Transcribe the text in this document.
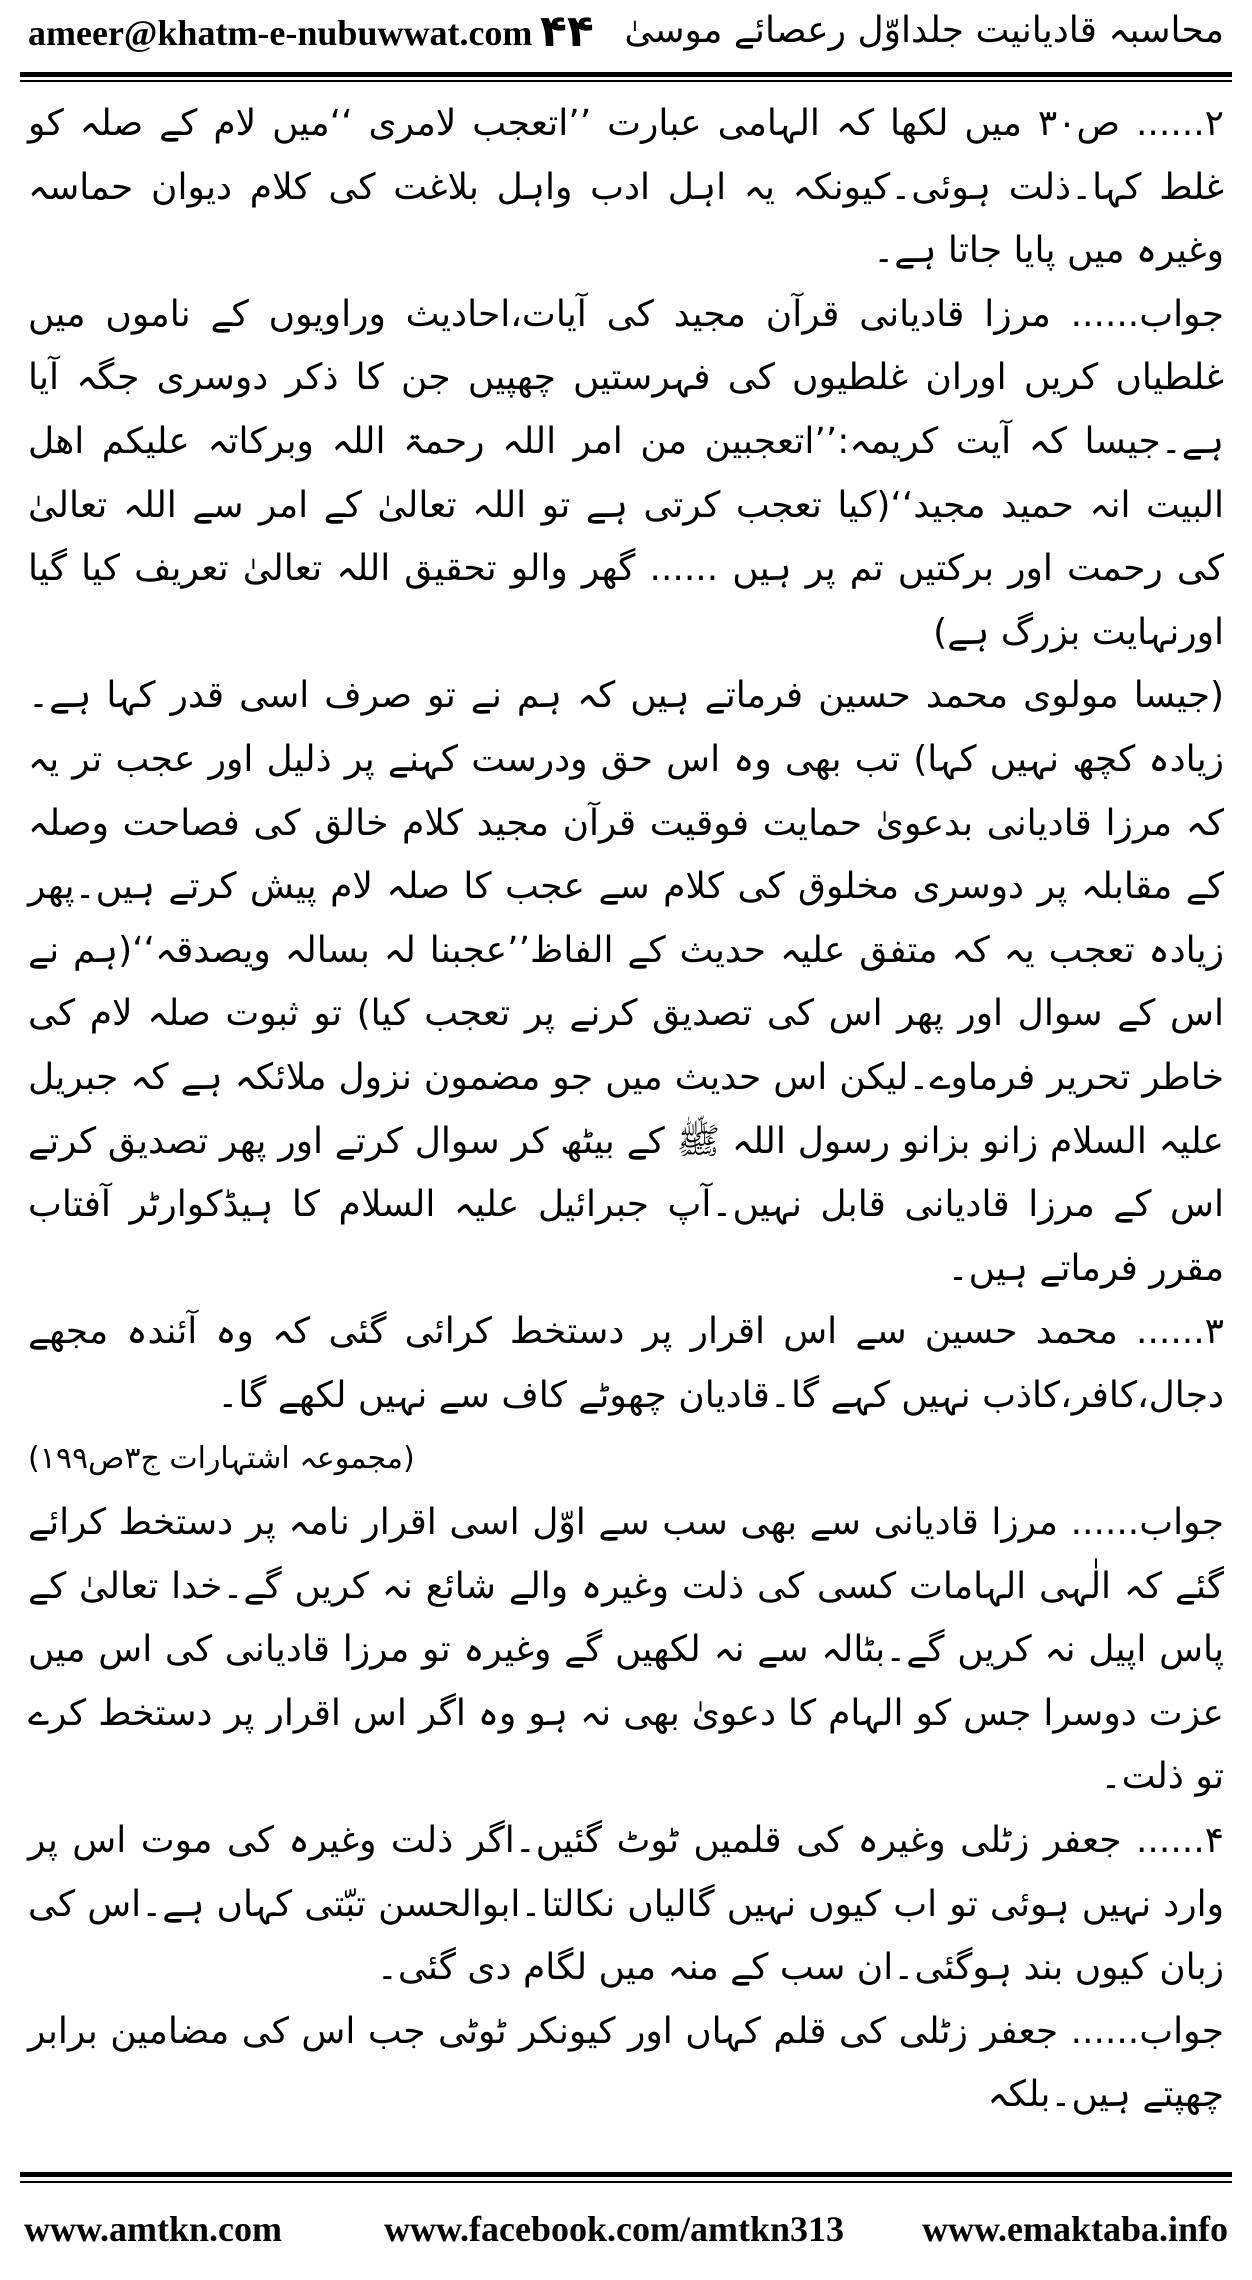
ameer@khatm-e-nubuwwat.com ۴۴ محاسبہ قادیانیت جلداوّل رعصائے موسیٰ

۲...... ص۳۰ میں لکھا کہ الہامی عبارت ’’اتعجب لامری ‘‘میں لام کے صلہ کو غلط کہا۔ذلت ہوئی۔کیونکہ یہ اہل ادب واہل بلاغت کی کلام دیوان حماسہ وغیرہ میں پایا جاتا ہے۔

جواب...... مرزا قادیانی قرآن مجید کی آیات،احادیث وراویوں کے ناموں میں غلطیاں کریں اوران غلطیوں کی فہرستیں چھپیں جن کا ذکر دوسری جگہ آیا ہے۔جیسا کہ آیت کریمہ:’’اتعجبین من امر اللہ رحمۃ اللہ وبرکاتہ علیکم اھل البیت انہ حمید مجید‘‘(کیا تعجب کرتی ہے تو اللہ تعالیٰ کے امر سے اللہ تعالیٰ کی رحمت اور برکتیں تم پر ہیں ...... گھر والو تحقیق اللہ تعالیٰ تعریف کیا گیا اورنہایت بزرگ ہے)

(جیسا مولوی محمد حسین فرماتے ہیں کہ ہم نے تو صرف اسی قدر کہا ہے۔زیادہ کچھ نہیں کہا) تب بھی وہ اس حق ودرست کہنے پر ذلیل اور عجب تر یہ کہ مرزا قادیانی بدعویٰ حمایت فوقیت قرآن مجید کلام خالق کی فصاحت وصلہ کے مقابلہ پر دوسری مخلوق کی کلام سے عجب کا صلہ لام پیش کرتے ہیں۔پھر زیادہ تعجب یہ کہ متفق علیہ حدیث کے الفاظ’’عجبنا لہ بسالہ ویصدقہ‘‘(ہم نے اس کے سوال اور پھر اس کی تصدیق کرنے پر تعجب کیا) تو ثبوت صلہ لام کی خاطر تحریر فرماوے۔لیکن اس حدیث میں جو مضمون نزول ملائکہ ہے کہ جبریل علیہ السلام زانو بزانو رسول اللہ ﷺ کے بیٹھ کر سوال کرتے اور پھر تصدیق کرتے اس کے مرزا قادیانی قابل نہیں۔آپ جبرائیل علیہ السلام کا ہیڈکوارٹر آفتاب مقرر فرماتے ہیں۔

۳...... محمد حسین سے اس اقرار پر دستخط کرائی گئی کہ وہ آئندہ مجھے دجال،کافر،کاذب نہیں کہے گا۔قادیان چھوٹے کاف سے نہیں لکھے گا۔

(مجموعہ اشتہارات ج۳ص۱۹۹)

جواب...... مرزا قادیانی سے بھی سب سے اوّل اسی اقرار نامہ پر دستخط کرائے گئے کہ الٰہی الہامات کسی کی ذلت وغیرہ والے شائع نہ کریں گے۔خدا تعالیٰ کے پاس اپیل نہ کریں گے۔بٹالہ سے نہ لکھیں گے وغیرہ تو مرزا قادیانی کی اس میں عزت دوسرا جس کو الہام کا دعویٰ بھی نہ ہو وہ اگر اس اقرار پر دستخط کرے تو ذلت۔

۴...... جعفر زٹلی وغیرہ کی قلمیں ٹوٹ گئیں۔اگر ذلت وغیرہ کی موت اس پر وارد نہیں ہوئی تو اب کیوں نہیں گالیاں نکالتا۔ابوالحسن تبّتی کہاں ہے۔اس کی زبان کیوں بند ہوگئی۔ان سب کے منہ میں لگام دی گئی۔

جواب...... جعفر زٹلی کی قلم کہاں اور کیونکر ٹوٹی جب اس کی مضامین برابر چھپتے ہیں۔بلکہ

www.amtkn.com	www.facebook.com/amtkn313 www.emaktaba.info
